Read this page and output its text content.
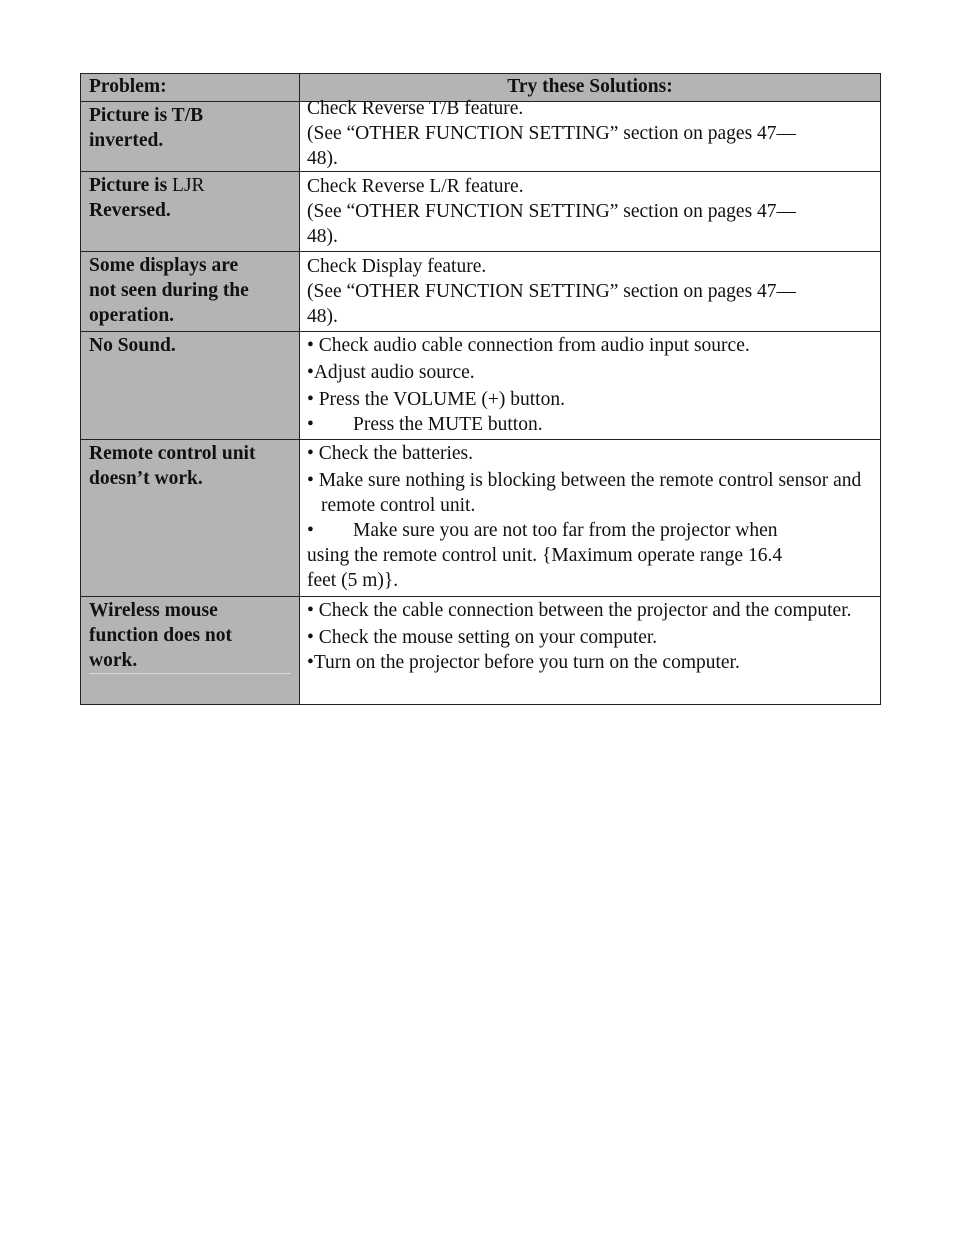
Problem:	Try these Solutions:

Picture is T/B
inverted.	Check Reverse T/B feature.
(See “OTHER FUNCTION SETTING” section on pages 47—
48).

Picture is LJR
Reversed.	Check Reverse L/R feature.
(See “OTHER FUNCTION SETTING” section on pages 47—
48).

Some displays are
not seen during the
operation.	Check Display feature.
(See “OTHER FUNCTION SETTING” section on pages 47—
48).

No Sound.	• Check audio cable connection from audio input source.
•Adjust audio source.
• Press the VOLUME (+) button.
• Press the MUTE button.

Remote control unit
doesn’t work.	• Check the batteries.
• Make sure nothing is blocking between the remote control sensor and remote control unit.
• Make sure you are not too far from the projector when
using the remote control unit. {Maximum operate range 16.4
feet (5 m)}.

Wireless mouse
function does not
work.	• Check the cable connection between the projector and the computer.
• Check the mouse setting on your computer.
•Turn on the projector before you turn on the computer.
